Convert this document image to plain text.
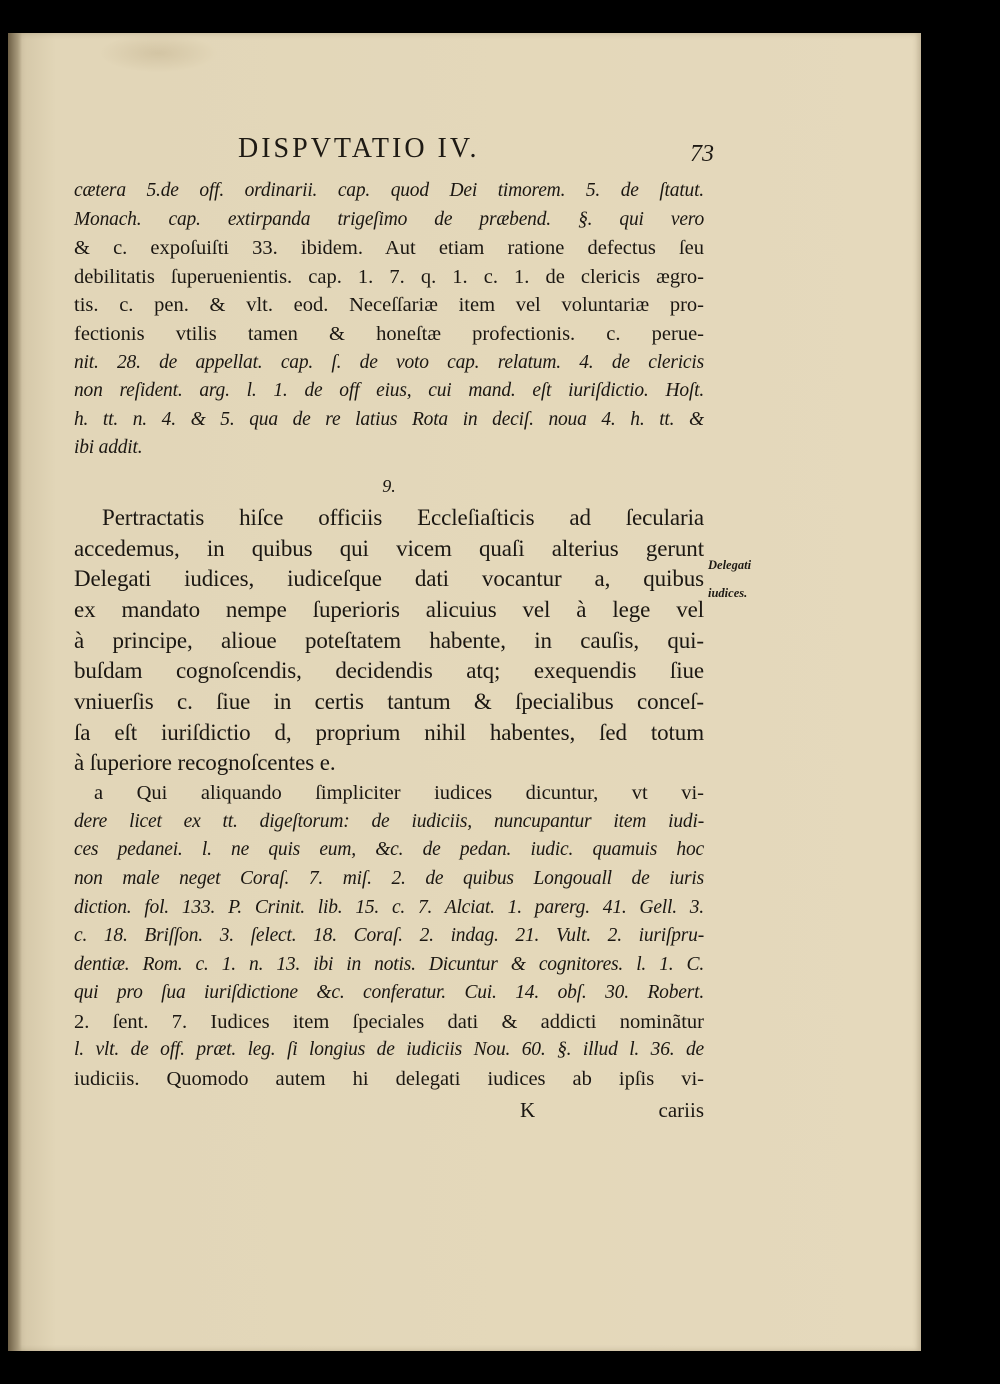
DISPVTATIO IV.	73
cætera 5.de off. ordinarii. cap. quod Dei timorem. 5. de ſtatut.
Monach. cap. extirpanda trigeſimo de præbend. §. qui vero
& c. expoſuiſti 33. ibidem. Aut etiam ratione defectus ſeu
debilitatis ſuperuenientis. cap. 1. 7. q. 1. c. 1. de clericis ægro-
tis. c. pen. & vlt. eod. Neceſſariæ item vel voluntariæ pro-
fectionis vtilis tamen & honeſtæ profectionis. c. perue-
nit. 28. de appellat. cap. ſ. de voto cap. relatum. 4. de clericis
non reſident. arg. l. 1. de off eius, cui mand. eſt iuriſdictio. Hoſt.
h. tt. n. 4. & 5. qua de re latius Rota in deciſ. noua 4. h. tt. &
ibi addit.
9.
Pertractatis hiſce officiis Eccleſiaſticis ad ſecularia
accedemus, in quibus qui vicem quaſi alterius gerunt
Delegati iudices, iudiceſque dati vocantur a, quibus
ex mandato nempe ſuperioris alicuius vel à lege vel
à principe, alioue poteſtatem habente, in cauſis, qui-
buſdam cognoſcendis, decidendis atq; exequendis ſiue
vniuerſis c. ſiue in certis tantum & ſpecialibus conceſ-
ſa eſt iuriſdictio d, proprium nihil habentes, ſed totum
à ſuperiore recognoſcentes e.
a Qui aliquando ſimpliciter iudices dicuntur, vt vi-
dere licet ex tt. digeſtorum: de iudiciis, nuncupantur item iudi-
ces pedanei. l. ne quis eum, &c. de pedan. iudic. quamuis hoc
non male neget Coraſ. 7. miſ. 2. de quibus Longouall de iuris
diction. fol. 133. P. Crinit. lib. 15. c. 7. Alciat. 1. parerg. 41. Gell. 3.
c. 18. Briſſon. 3. ſelect. 18. Coraſ. 2. indag. 21. Vult. 2. iuriſpru-
dentiæ. Rom. c. 1. n. 13. ibi in notis. Dicuntur & cognitores. l. 1. C.
qui pro ſua iuriſdictione &c. conferatur. Cui. 14. obſ. 30. Robert.
2. ſent. 7. Iudices item ſpeciales dati & addicti nominãtur
l. vlt. de off. præt. leg. ſi longius de iudiciis Nou. 60. §. illud l. 36. de
iudiciis. Quomodo autem hi delegati iudices ab ipſis vi-
K	cariis
Delegati
iudices.
